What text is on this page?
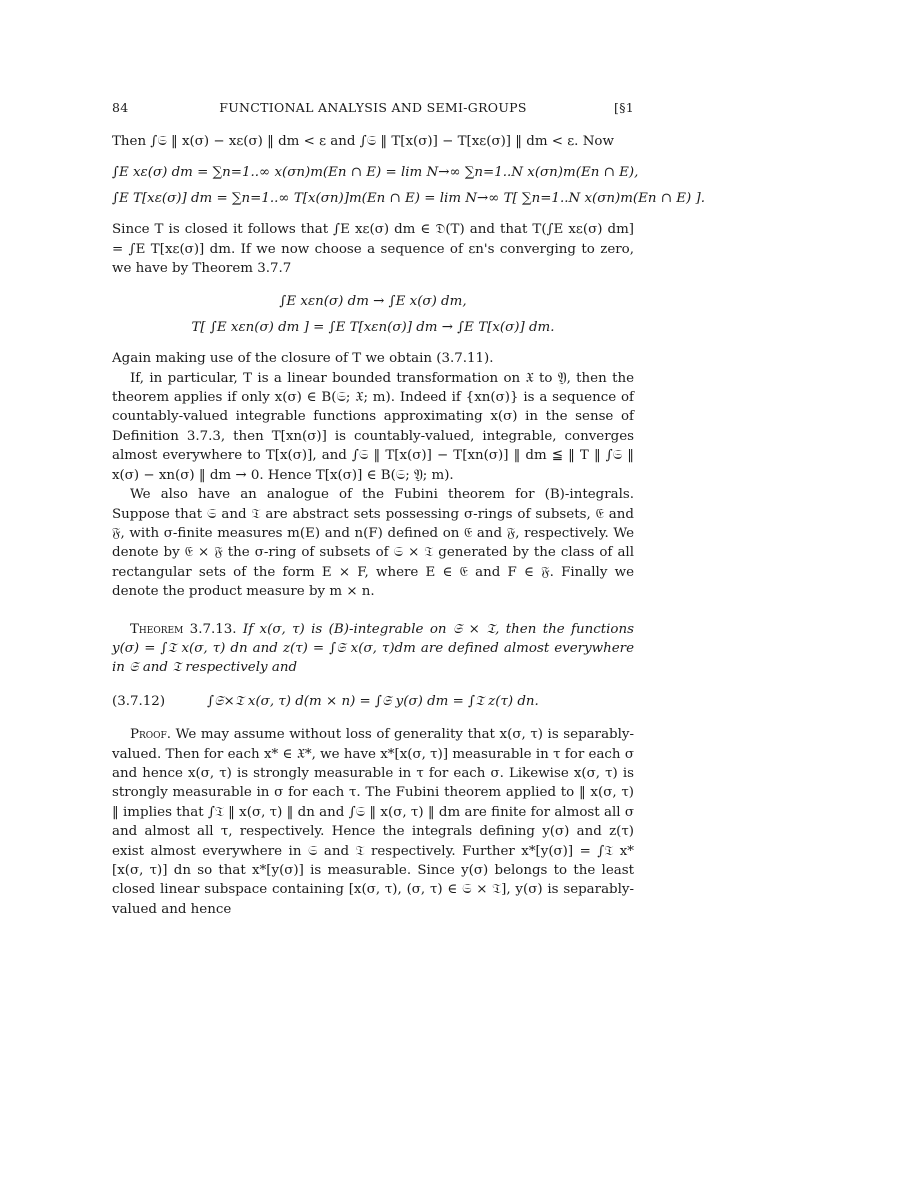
84	FUNCTIONAL ANALYSIS AND SEMI-GROUPS	[§1

Then ∫𝔖 ‖ x(σ) − xε(σ) ‖ dm < ε and ∫𝔖 ‖ T[x(σ)] − T[xε(σ)] ‖ dm < ε. Now

∫E xε(σ) dm = ∑n=1..∞ x(σn)m(En ∩ E) = lim N→∞ ∑n=1..N x(σn)m(En ∩ E),
∫E T[xε(σ)] dm = ∑n=1..∞ T[x(σn)]m(En ∩ E) = lim N→∞ T[ ∑n=1..N x(σn)m(En ∩ E) ].

Since T is closed it follows that ∫E xε(σ) dm ∈ 𝔇(T) and that T(∫E xε(σ) dm] = ∫E T[xε(σ)] dm. If we now choose a sequence of εn's converging to zero, we have by Theorem 3.7.7

∫E xεn(σ) dm → ∫E x(σ) dm,
T[ ∫E xεn(σ) dm ] = ∫E T[xεn(σ)] dm → ∫E T[x(σ)] dm.

Again making use of the closure of T we obtain (3.7.11).

If, in particular, T is a linear bounded transformation on 𝔛 to 𝔜, then the theorem applies if only x(σ) ∈ B(𝔖; 𝔛; m). Indeed if {xn(σ)} is a sequence of countably-valued integrable functions approximating x(σ) in the sense of Definition 3.7.3, then T[xn(σ)] is countably-valued, integrable, converges almost everywhere to T[x(σ)], and ∫𝔖 ‖ T[x(σ)] − T[xn(σ)] ‖ dm ≦ ‖ T ‖ ∫𝔖 ‖ x(σ) − xn(σ) ‖ dm → 0. Hence T[x(σ)] ∈ B(𝔖; 𝔜; m).

We also have an analogue of the Fubini theorem for (B)-integrals. Suppose that 𝔖 and 𝔗 are abstract sets possessing σ-rings of subsets, 𝔈 and 𝔉, with σ-finite measures m(E) and n(F) defined on 𝔈 and 𝔉, respectively. We denote by 𝔈 × 𝔉 the σ-ring of subsets of 𝔖 × 𝔗 generated by the class of all rectangular sets of the form E × F, where E ∈ 𝔈 and F ∈ 𝔉. Finally we denote the product measure by m × n.

Theorem 3.7.13. If x(σ, τ) is (B)-integrable on 𝔖 × 𝔗, then the functions y(σ) = ∫𝔗 x(σ, τ) dn and z(τ) = ∫𝔖 x(σ, τ)dm are defined almost everywhere in 𝔖 and 𝔗 respectively and

(3.7.12)	∫𝔖×𝔗 x(σ, τ) d(m × n) = ∫𝔖 y(σ) dm = ∫𝔗 z(τ) dn.

Proof. We may assume without loss of generality that x(σ, τ) is separably-valued. Then for each x* ∈ 𝔛*, we have x*[x(σ, τ)] measurable in τ for each σ and hence x(σ, τ) is strongly measurable in τ for each σ. Likewise x(σ, τ) is strongly measurable in σ for each τ. The Fubini theorem applied to ‖ x(σ, τ) ‖ implies that ∫𝔗 ‖ x(σ, τ) ‖ dn and ∫𝔖 ‖ x(σ, τ) ‖ dm are finite for almost all σ and almost all τ, respectively. Hence the integrals defining y(σ) and z(τ) exist almost everywhere in 𝔖 and 𝔗 respectively. Further x*[y(σ)] = ∫𝔗 x*[x(σ, τ)] dn so that x*[y(σ)] is measurable. Since y(σ) belongs to the least closed linear subspace containing [x(σ, τ), (σ, τ) ∈ 𝔖 × 𝔗], y(σ) is separably-valued and hence
